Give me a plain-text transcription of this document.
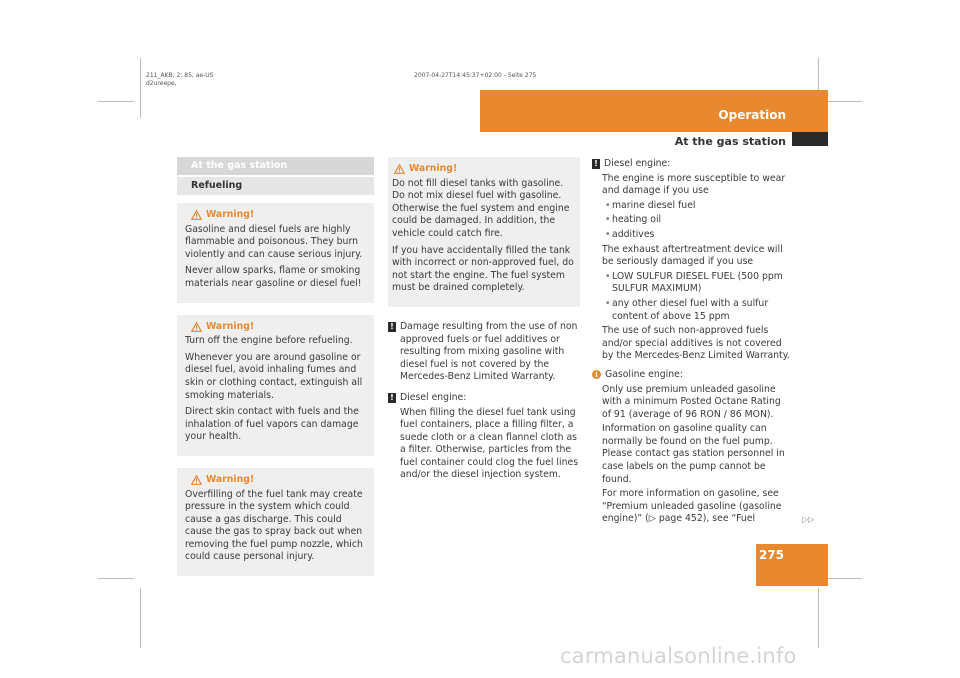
211_AKB; 2; 85, ae-US
d2ureepe,
2007-04-27T14:45:37+02:00 - Seite 275
Operation
At the gas station
275
▷▷
At the gas station
Refueling
Warning!

Gasoline and diesel fuels are highly flammable and poisonous. They burn violently and can cause serious injury.

Never allow sparks, flame or smoking materials near gasoline or diesel fuel!

Warning!

Turn off the engine before refueling.

Whenever you are around gasoline or diesel fuel, avoid inhaling fumes and skin or clothing contact, extinguish all smoking materials.

Direct skin contact with fuels and the inhalation of fuel vapors can damage your health.

Warning!

Overfilling of the fuel tank may create pressure in the system which could cause a gas discharge. This could cause the gas to spray back out when removing the fuel pump nozzle, which could cause personal injury.

Warning!

Do not fill diesel tanks with gasoline. Do not mix diesel fuel with gasoline. Otherwise the fuel system and engine could be damaged. In addition, the vehicle could catch fire.

If you have accidentally filled the tank with incorrect or non-approved fuel, do not start the engine. The fuel system must be drained completely.

! Damage resulting from the use of non approved fuels or fuel additives or resulting from mixing gasoline with diesel fuel is not covered by the Mercedes-Benz Limited Warranty.

! Diesel engine:

When filling the diesel fuel tank using fuel containers, place a filling filter, a suede cloth or a clean flannel cloth as a filter. Otherwise, particles from the fuel container could clog the fuel lines and/or the diesel injection system.

! Diesel engine:

The engine is more susceptible to wear and damage if you use

• marine diesel fuel

• heating oil

• additives

The exhaust aftertreatment device will be seriously damaged if you use

• LOW SULFUR DIESEL FUEL (500 ppm SULFUR MAXIMUM)

• any other diesel fuel with a sulfur content of above 15 ppm

The use of such non-approved fuels and/or special additives is not covered by the Mercedes-Benz Limited Warranty.

i Gasoline engine:

Only use premium unleaded gasoline with a minimum Posted Octane Rating of 91 (average of 96 RON / 86 MON).

Information on gasoline quality can normally be found on the fuel pump. Please contact gas station personnel in case labels on the pump cannot be found.

For more information on gasoline, see “Premium unleaded gasoline (gasoline engine)” (▷ page 452), see “Fuel

carmanualsonline.info
